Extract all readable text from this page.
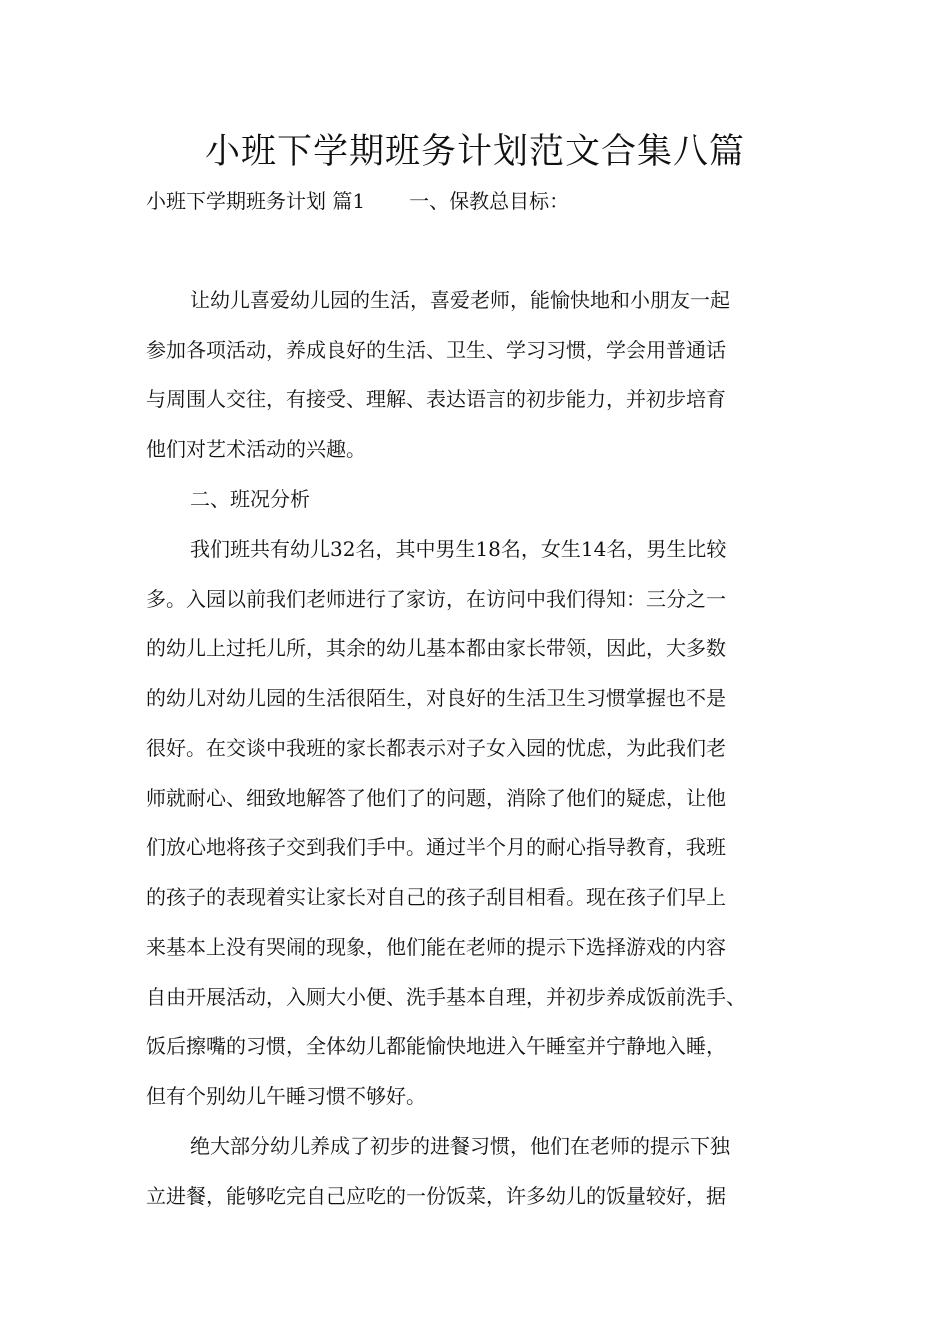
小班下学期班务计划范文合集八篇
小班下学期班务计划 篇1 一、保教总目标：

让幼儿喜爱幼儿园的生活，喜爱老师，能愉快地和小朋友一起

参加各项活动，养成良好的生活、卫生、学习习惯，学会用普通话

与周围人交往，有接受、理解、表达语言的初步能力，并初步培育

他们对艺术活动的兴趣。

二、班况分析

我们班共有幼儿32名，其中男生18名，女生14名，男生比较

多。入园以前我们老师进行了家访，在访问中我们得知：三分之一

的幼儿上过托儿所，其余的幼儿基本都由家长带领，因此，大多数

的幼儿对幼儿园的生活很陌生，对良好的生活卫生习惯掌握也不是

很好。在交谈中我班的家长都表示对子女入园的忧虑，为此我们老

师就耐心、细致地解答了他们了的问题，消除了他们的疑虑，让他

们放心地将孩子交到我们手中。通过半个月的耐心指导教育，我班

的孩子的表现着实让家长对自己的孩子刮目相看。现在孩子们早上

来基本上没有哭闹的现象，他们能在老师的提示下选择游戏的内容

自由开展活动，入厕大小便、洗手基本自理，并初步养成饭前洗手、

饭后擦嘴的习惯，全体幼儿都能愉快地进入午睡室并宁静地入睡，

但有个别幼儿午睡习惯不够好。

绝大部分幼儿养成了初步的进餐习惯，他们在老师的提示下独

立进餐，能够吃完自己应吃的一份饭菜，许多幼儿的饭量较好，据
